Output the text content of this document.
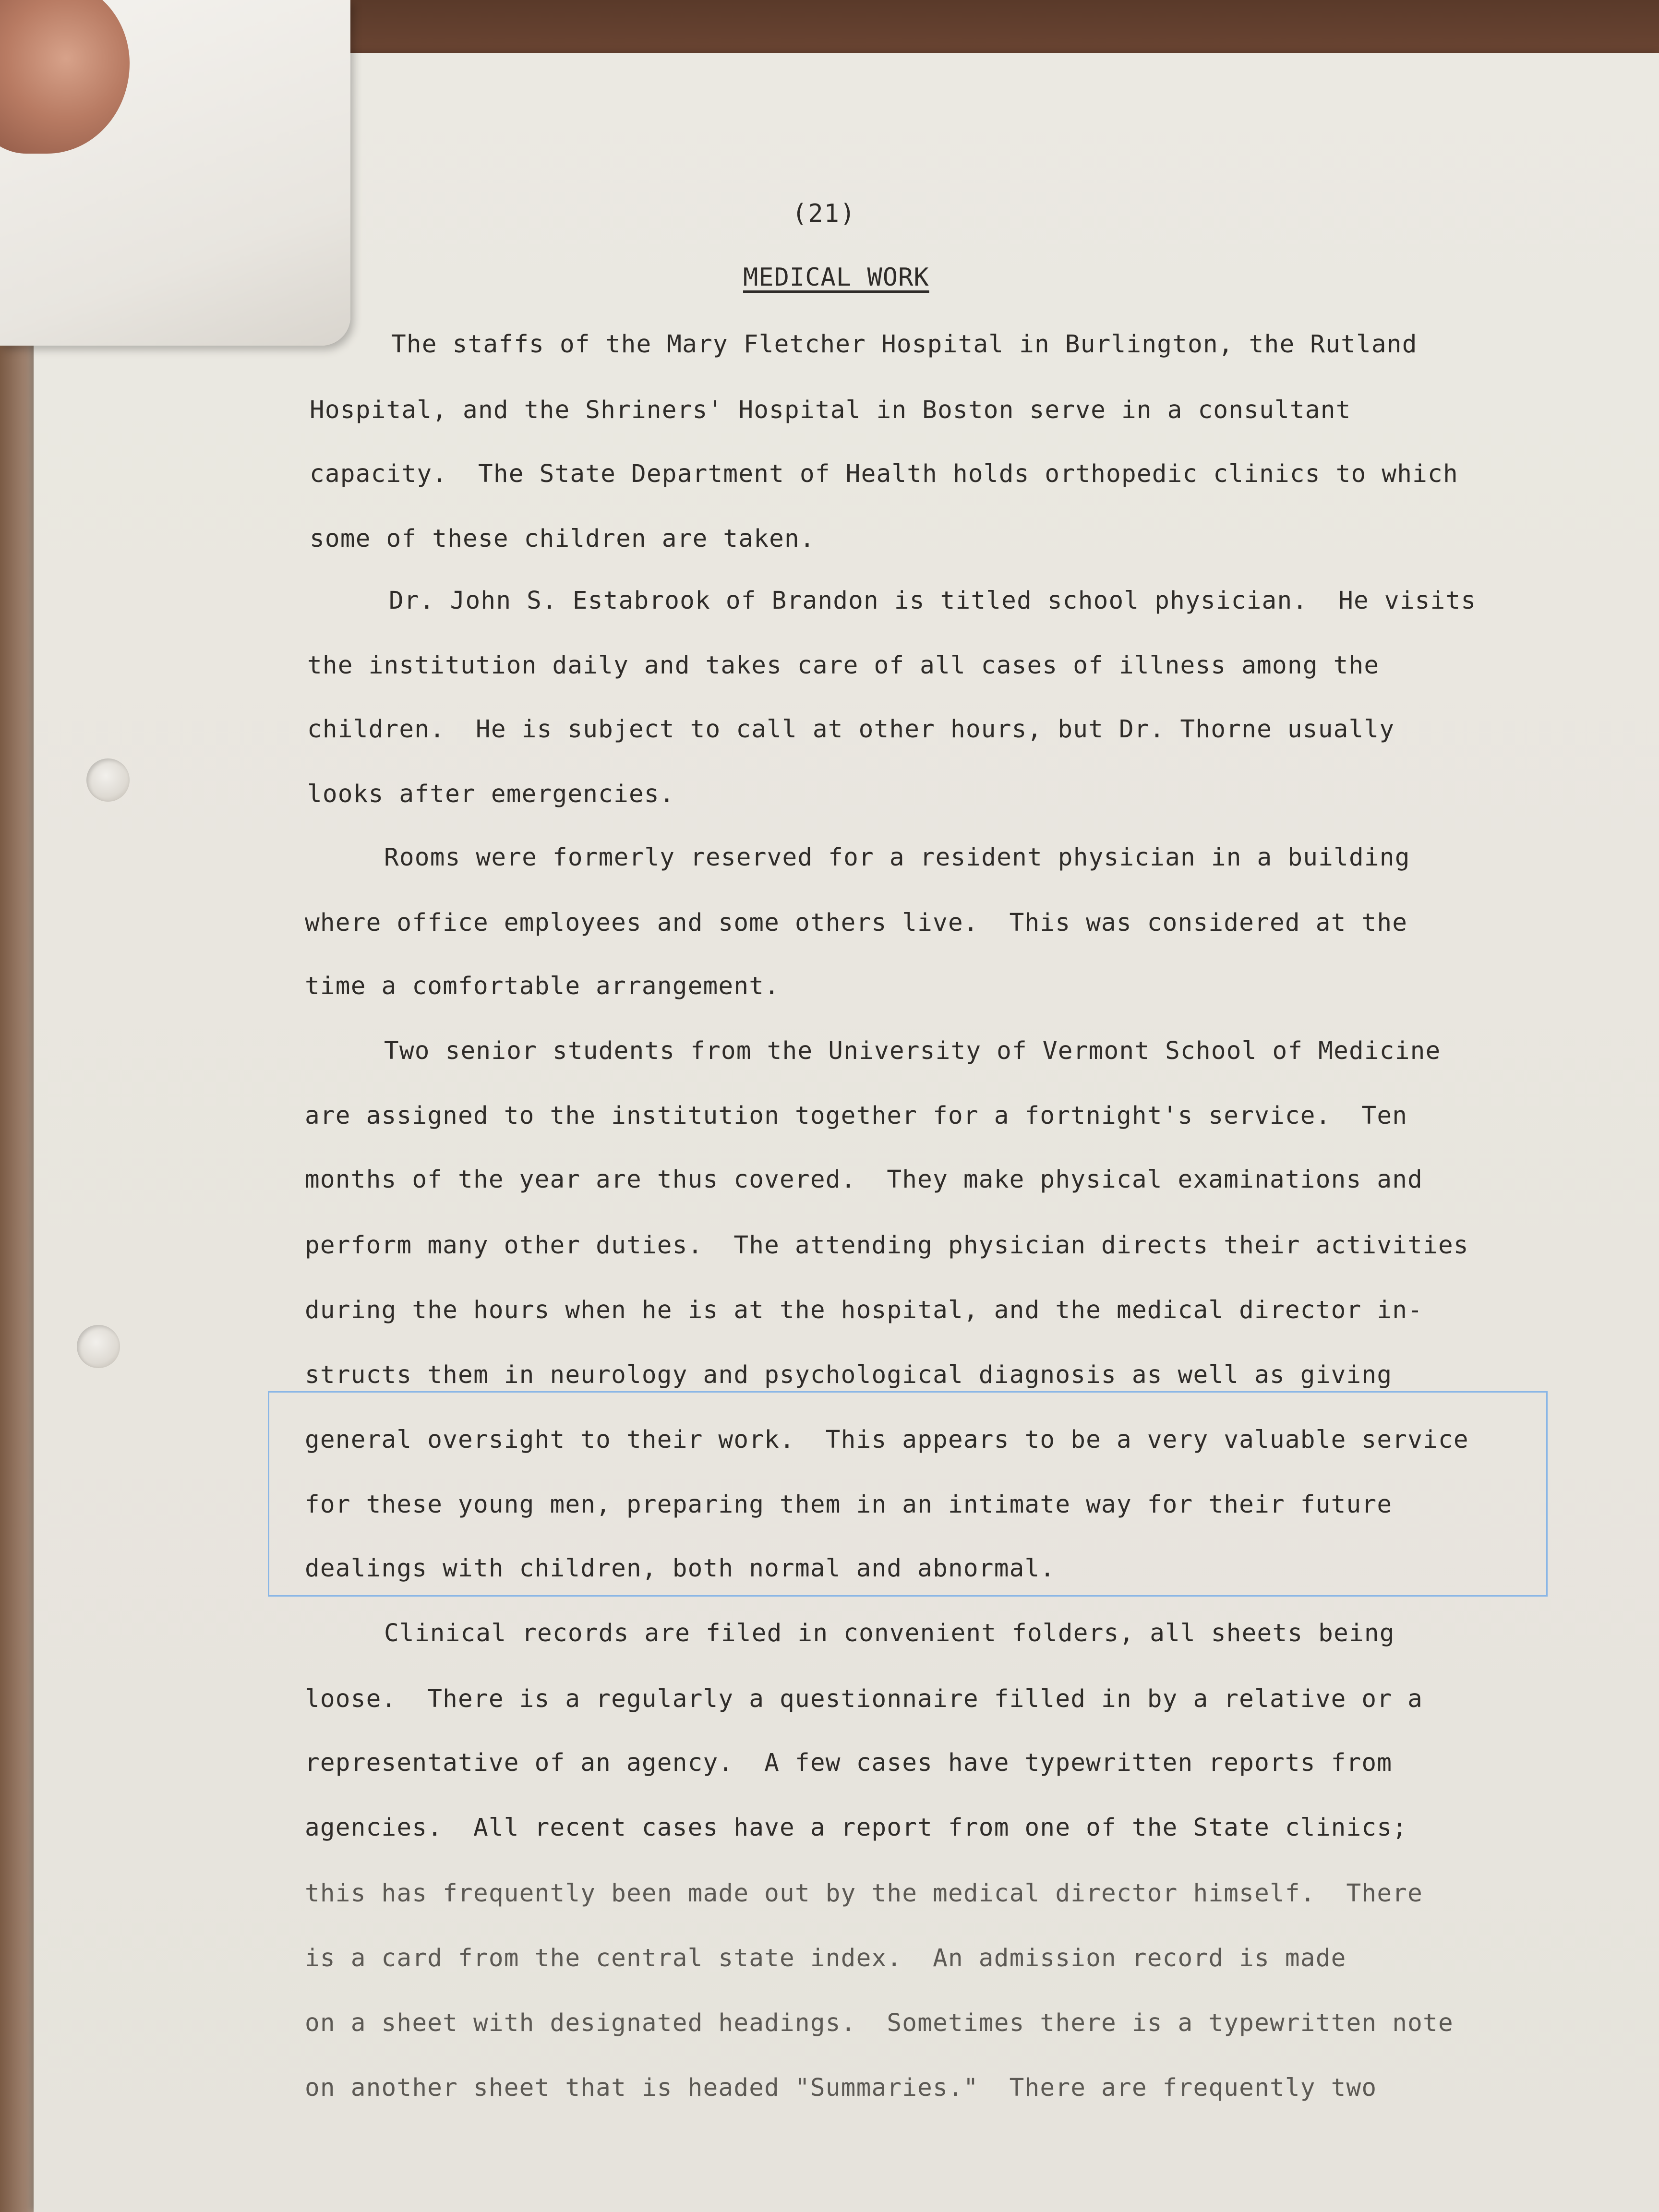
(21)
MEDICAL WORK
The staffs of the Mary Fletcher Hospital in Burlington, the Rutland
Hospital, and the Shriners' Hospital in Boston serve in a consultant
capacity.  The State Department of Health holds orthopedic clinics to which
some of these children are taken.
Dr. John S. Estabrook of Brandon is titled school physician.  He visits
the institution daily and takes care of all cases of illness among the
children.  He is subject to call at other hours, but Dr. Thorne usually
looks after emergencies.
Rooms were formerly reserved for a resident physician in a building
where office employees and some others live.  This was considered at the
time a comfortable arrangement.
Two senior students from the University of Vermont School of Medicine
are assigned to the institution together for a fortnight's service.  Ten
months of the year are thus covered.  They make physical examinations and
perform many other duties.  The attending physician directs their activities
during the hours when he is at the hospital, and the medical director in-
structs them in neurology and psychological diagnosis as well as giving
general oversight to their work.  This appears to be a very valuable service
for these young men, preparing them in an intimate way for their future
dealings with children, both normal and abnormal.
Clinical records are filed in convenient folders, all sheets being
loose.  There is a regularly a questionnaire filled in by a relative or a
representative of an agency.  A few cases have typewritten reports from
agencies.  All recent cases have a report from one of the State clinics;
this has frequently been made out by the medical director himself.  There
is a card from the central state index.  An admission record is made
on a sheet with designated headings.  Sometimes there is a typewritten note
on another sheet that is headed "Summaries."  There are frequently two
